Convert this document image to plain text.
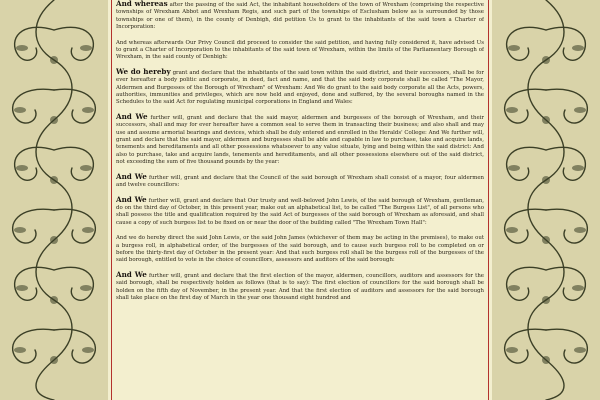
And whereas after the passing of the said Act, the inhabitant householders of the town of Wrexham (comprising the respective townships of Wrexham Abbot and Wrexham Regis, and such part of the townships of Esclusham below as is surrounded by those townships or one of them), in the county of Denbigh, did petition Us to grant to the inhabitants of the said town a Charter of Incorporation:

And whereas afterwards Our Privy Council did proceed to consider the said petition, and having fully considered it, have advised Us to grant a Charter of Incorporation to the inhabitants of the said town of Wrexham, within the limits of the Parliamentary Borough of Wrexham, in the said county of Denbigh:

We do hereby grant and declare that the inhabitants of the said town within the said district, and their successors, shall be for ever hereafter a body politic and corporate, in deed, fact and name, and that the said body corporate shall be called "The Mayor, Aldermen and Burgesses of the Borough of Wrexham" of Wrexham: And We do grant to the said body corporate all the Acts, powers, authorities, immunities and privileges, which are now held and enjoyed, done and suffered, by the several boroughs named in the Schedules to the said Act for regulating municipal corporations in England and Wales:

And We further will, grant and declare that the said mayor, aldermen and burgesses of the borough of Wrexham, and their successors, shall and may for ever hereafter have a common seal to serve them in transacting their business; and also shall and may use and assume armorial bearings and devices, which shall be duly entered and enrolled in the Heralds' College: And We further will, grant and declare that the said mayor, aldermen and burgesses shall be able and capable in law to purchase, take and acquire lands, tenements and hereditaments and all other possessions whatsoever to any value situate, lying and being within the said district: And also to purchase, take and acquire lands, tenements and hereditaments, and all other possessions elsewhere out of the said district, not exceeding the sum of five thousand pounds by the year:

And We further will, grant and declare that the Council of the said borough of Wrexham shall consist of a mayor, four aldermen and twelve councillors:

And We further will, grant and declare that Our trusty and well-beloved John Lewis, of the said borough of Wrexham, gentleman, do on the third day of October, in this present year, make out an alphabetical list, to be called "The Burgess List", of all persons who shall possess the title and qualification required by the said Act of burgesses of the said borough of Wrexham as aforesaid, and shall cause a copy of such burgess list to be fixed on or near the door of the building called "The Wrexham Town Hall":

And we do hereby direct the said John Lewis, or the said John James (whichever of them may be acting in the premises), to make out a burgess roll, in alphabetical order, of the burgesses of the said borough, and to cause such burgess roll to be completed on or before the thirty-first day of October in the present year: And that such burgess roll shall be the burgess roll of the burgesses of the said borough, entitled to vote in the choice of councillors, assessors and auditors of the said borough:

And We further will, grant and declare that the first election of the mayor, aldermen, councillors, auditors and assessors for the said borough, shall be respectively holden as follows (that is to say): The first election of councillors for the said borough shall be holden on the fifth day of November, in the present year. And that the first election of auditors and assessors for the said borough shall take place on the first day of March in the year one thousand eight hundred and
